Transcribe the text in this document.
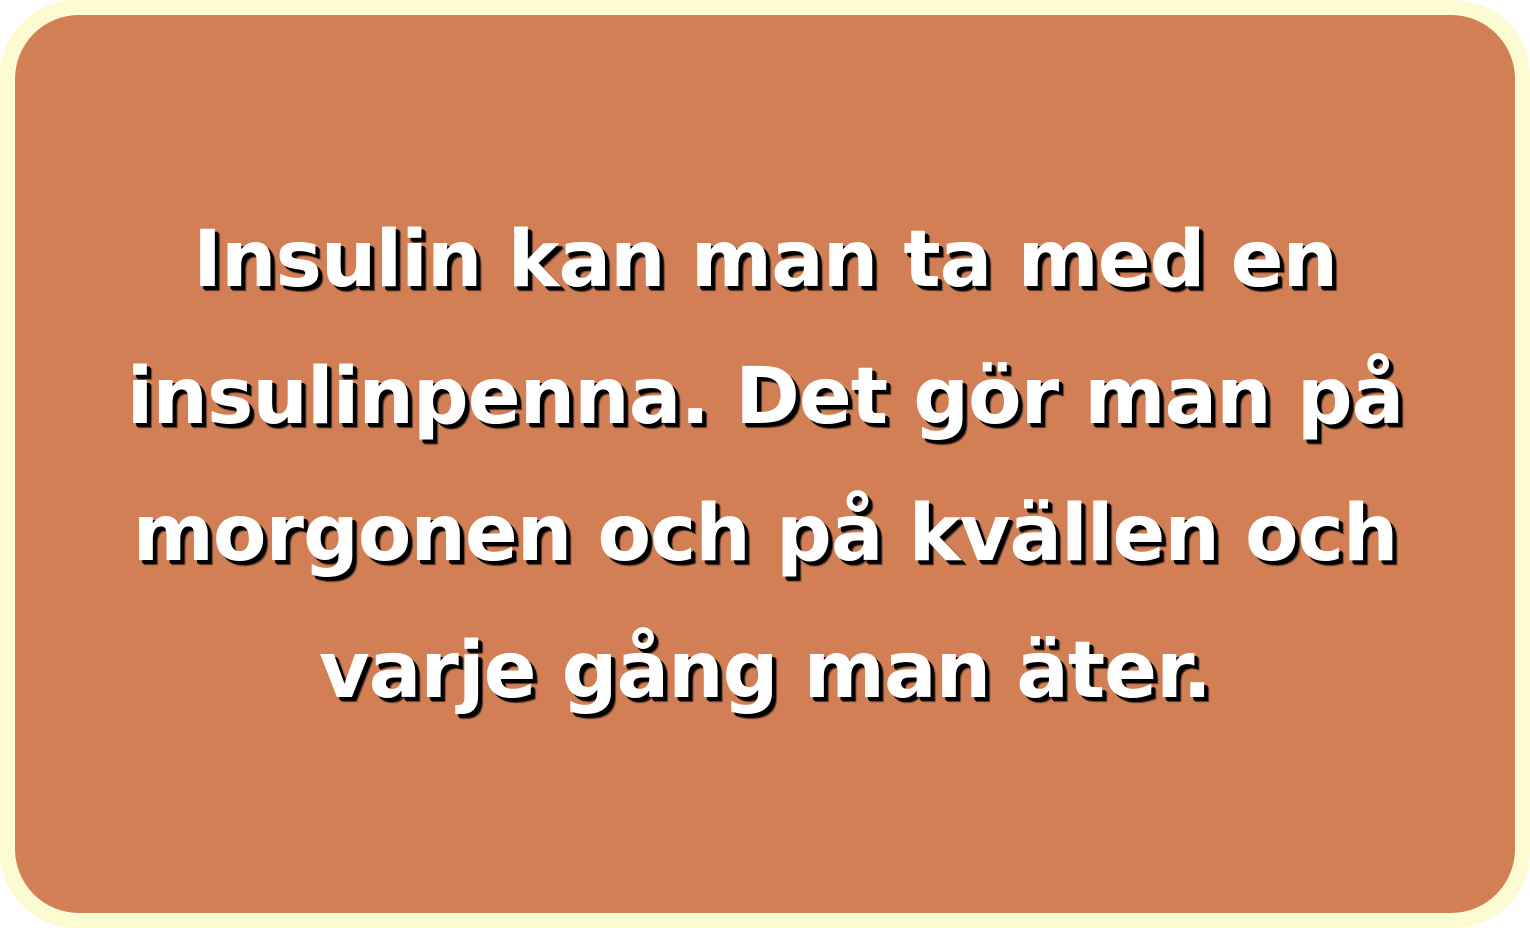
Insulin kan man ta med en
insulinpenna. Det gör man på
morgonen och på kvällen och
varje gång man äter.
